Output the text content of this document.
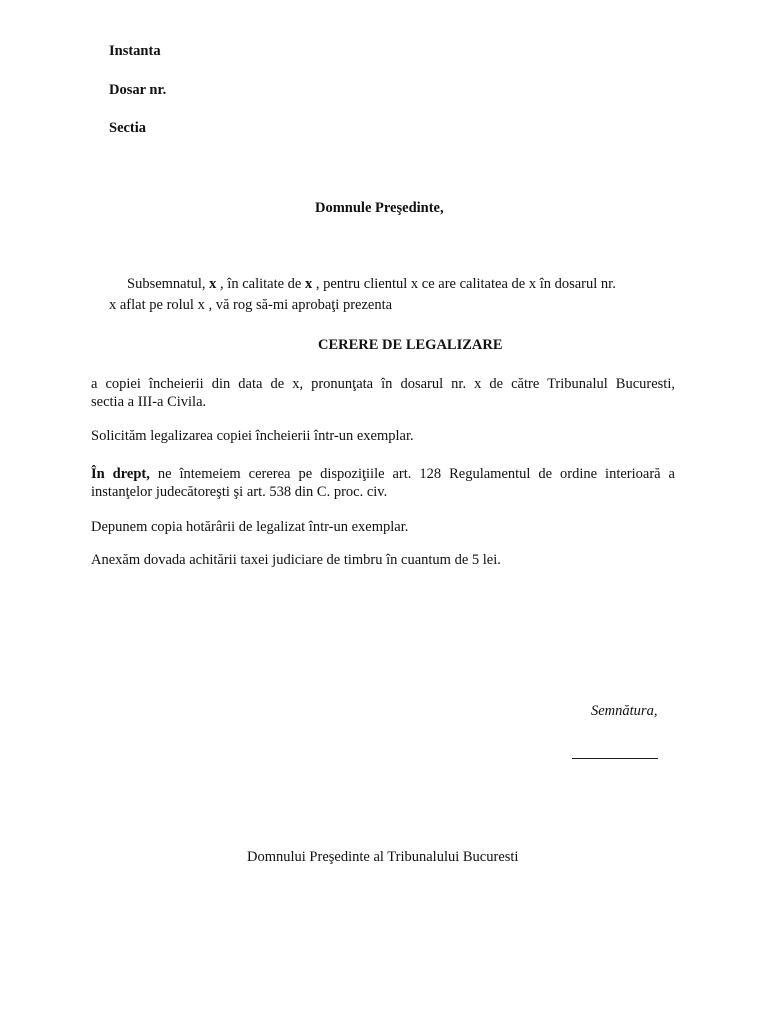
Instanta
Dosar nr.
Sectia
Domnule Preşedinte,
Subsemnatul, x , în calitate de x , pentru clientul x ce are calitatea de x în dosarul nr.
x aflat pe rolul x , vă rog să-mi aprobaţi prezenta
CERERE DE LEGALIZARE
a copiei încheierii din data de x, pronunţata în dosarul nr. x de către Tribunalul Bucuresti,
sectia a III-a Civila.
Solicităm legalizarea copiei încheierii într-un exemplar.
În drept, ne întemeiem cererea pe dispoziţiile art. 128 Regulamentul de ordine interioară a
instanţelor judecătoreşti şi art. 538 din C. proc. civ.
Depunem copia hotărârii de legalizat într-un exemplar.
Anexăm dovada achitării taxei judiciare de timbru în cuantum de 5 lei.
Semnătura,
Domnului Preşedinte al Tribunalului Bucuresti
